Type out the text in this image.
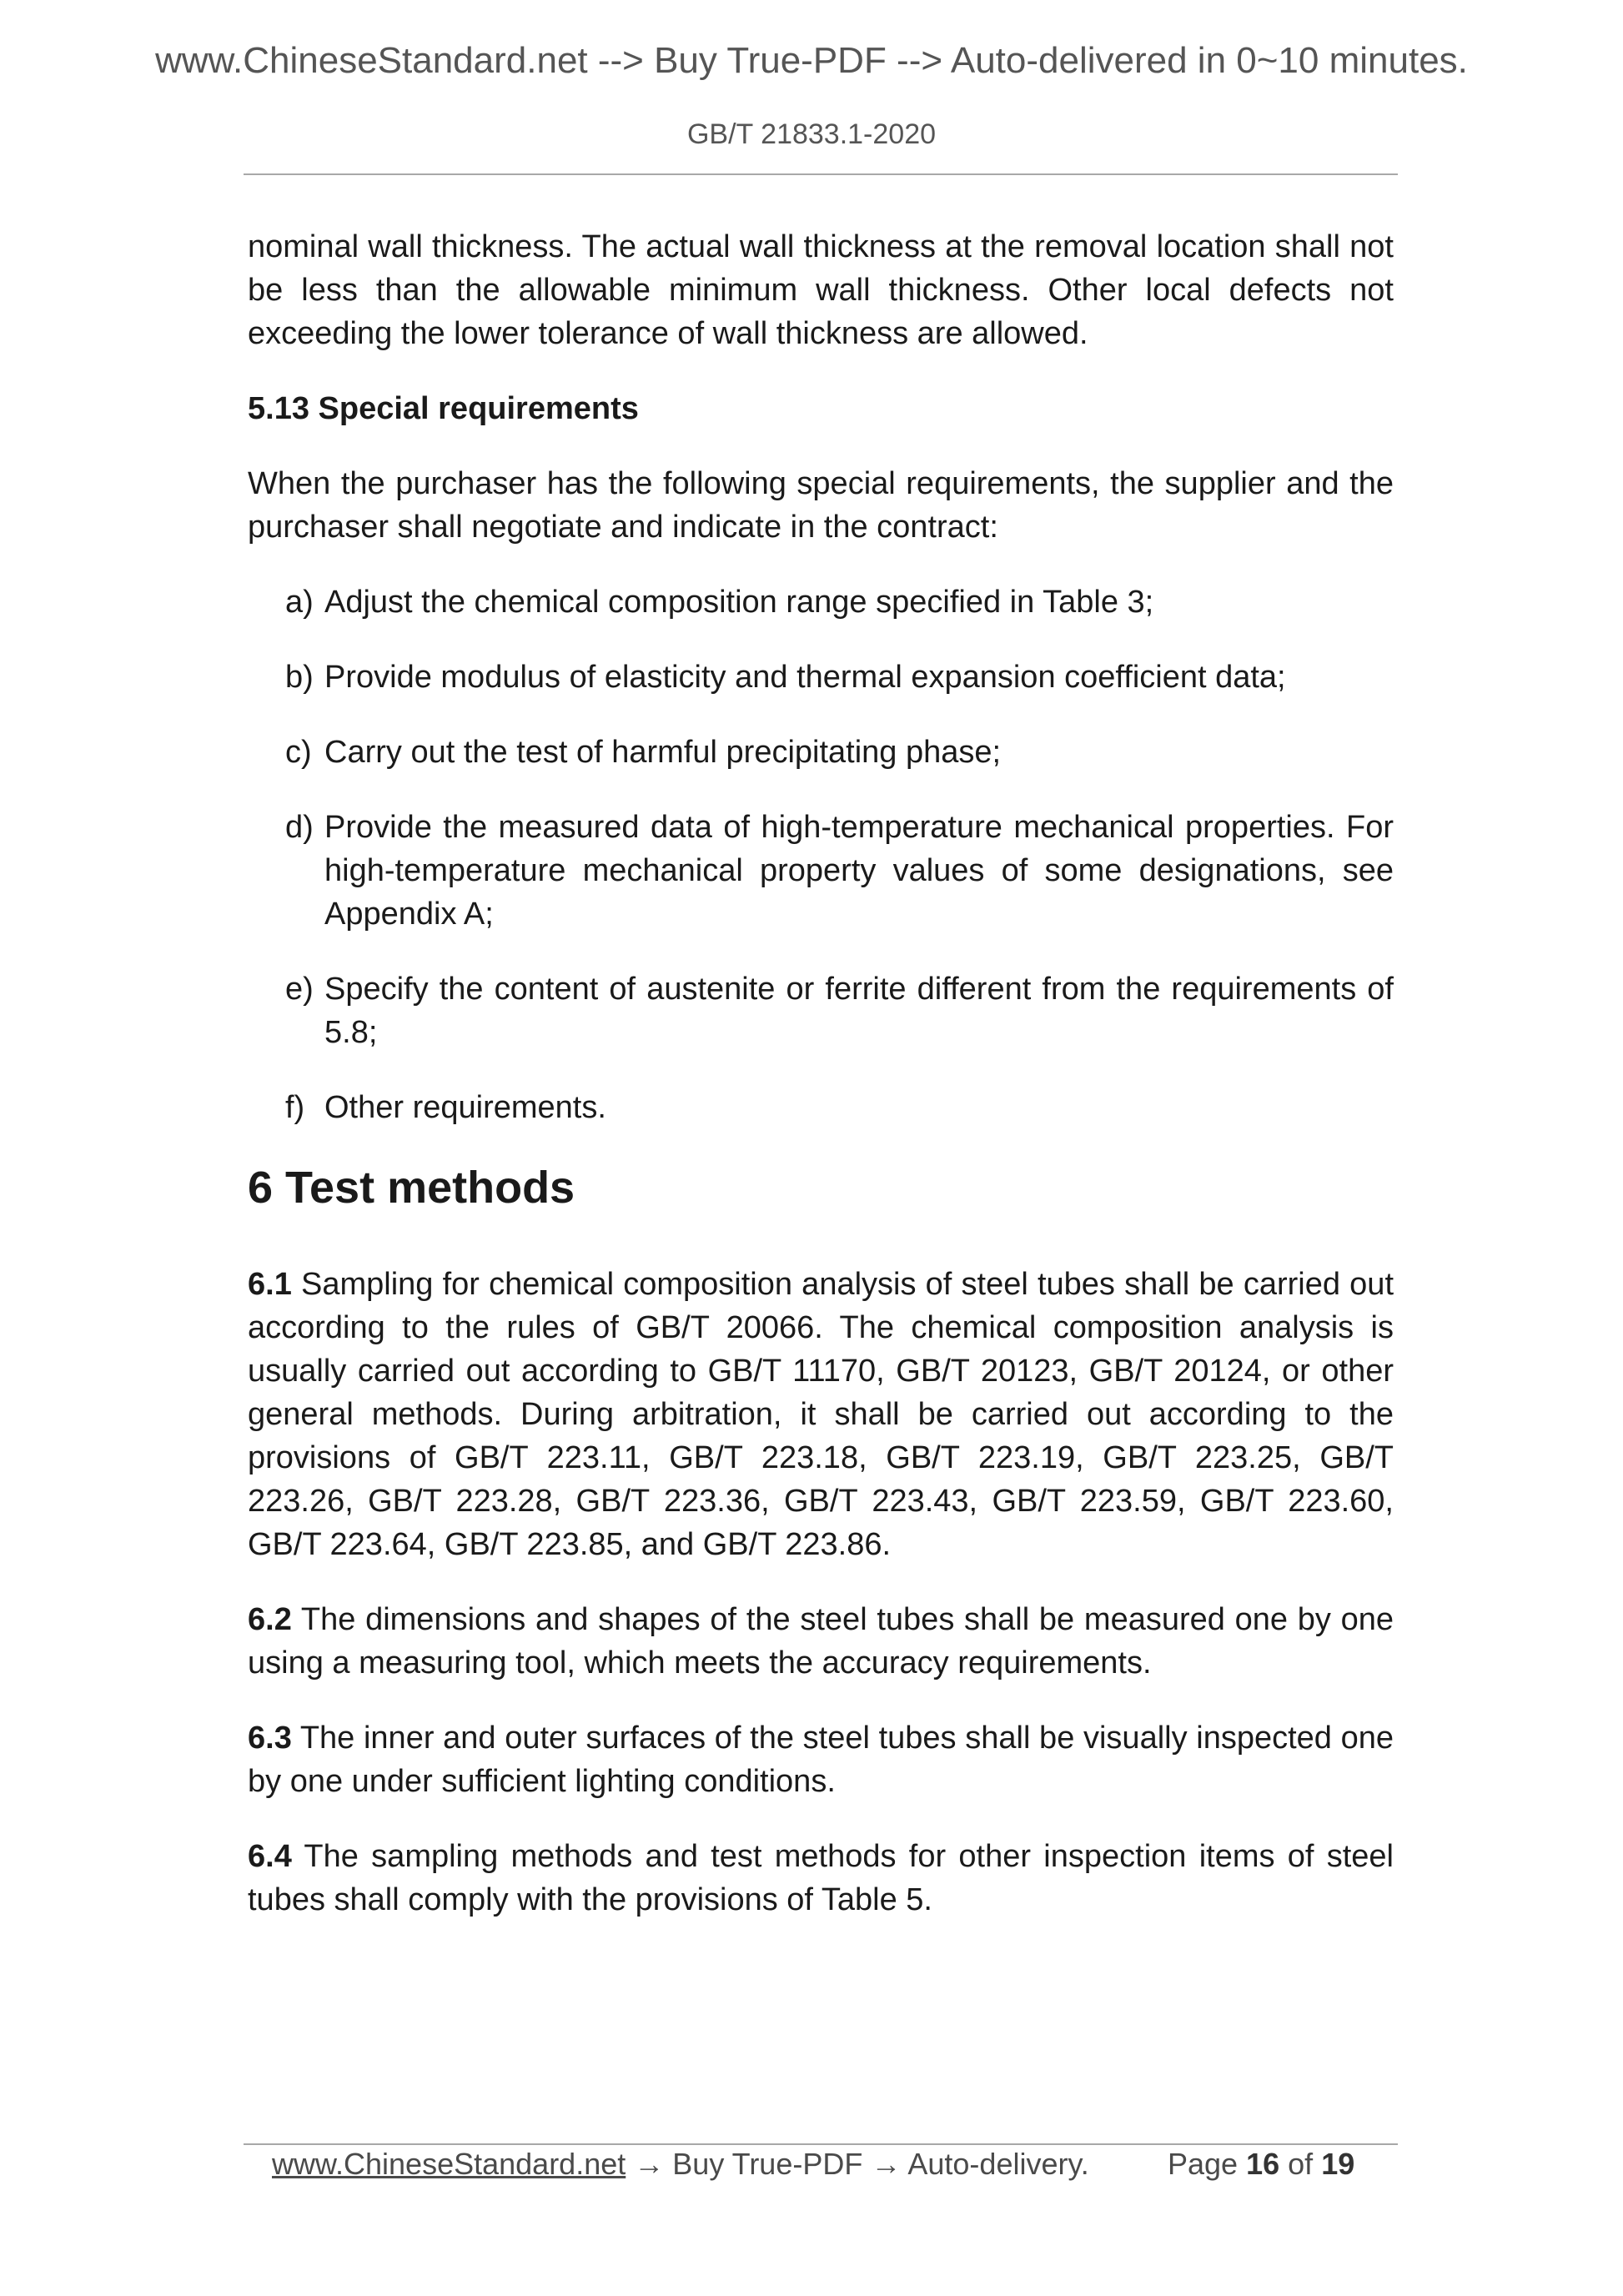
www.ChineseStandard.net --> Buy True-PDF --> Auto-delivered in 0~10 minutes.
GB/T 21833.1-2020

nominal wall thickness. The actual wall thickness at the removal location shall not be less than the allowable minimum wall thickness. Other local defects not exceeding the lower tolerance of wall thickness are allowed.

5.13 Special requirements

When the purchaser has the following special requirements, the supplier and the purchaser shall negotiate and indicate in the contract:

a) Adjust the chemical composition range specified in Table 3;
b) Provide modulus of elasticity and thermal expansion coefficient data;
c) Carry out the test of harmful precipitating phase;
d) Provide the measured data of high-temperature mechanical properties. For high-temperature mechanical property values of some designations, see Appendix A;
e) Specify the content of austenite or ferrite different from the requirements of 5.8;
f) Other requirements.
6 Test methods

6.1 Sampling for chemical composition analysis of steel tubes shall be carried out according to the rules of GB/T 20066. The chemical composition analysis is usually carried out according to GB/T 11170, GB/T 20123, GB/T 20124, or other general methods. During arbitration, it shall be carried out according to the provisions of GB/T 223.11, GB/T 223.18, GB/T 223.19, GB/T 223.25, GB/T 223.26, GB/T 223.28, GB/T 223.36, GB/T 223.43, GB/T 223.59, GB/T 223.60, GB/T 223.64, GB/T 223.85, and GB/T 223.86.

6.2 The dimensions and shapes of the steel tubes shall be measured one by one using a measuring tool, which meets the accuracy requirements.

6.3 The inner and outer surfaces of the steel tubes shall be visually inspected one by one under sufficient lighting conditions.

6.4 The sampling methods and test methods for other inspection items of steel tubes shall comply with the provisions of Table 5.

www.ChineseStandard.net → Buy True-PDF → Auto-delivery.	Page 16 of 19
